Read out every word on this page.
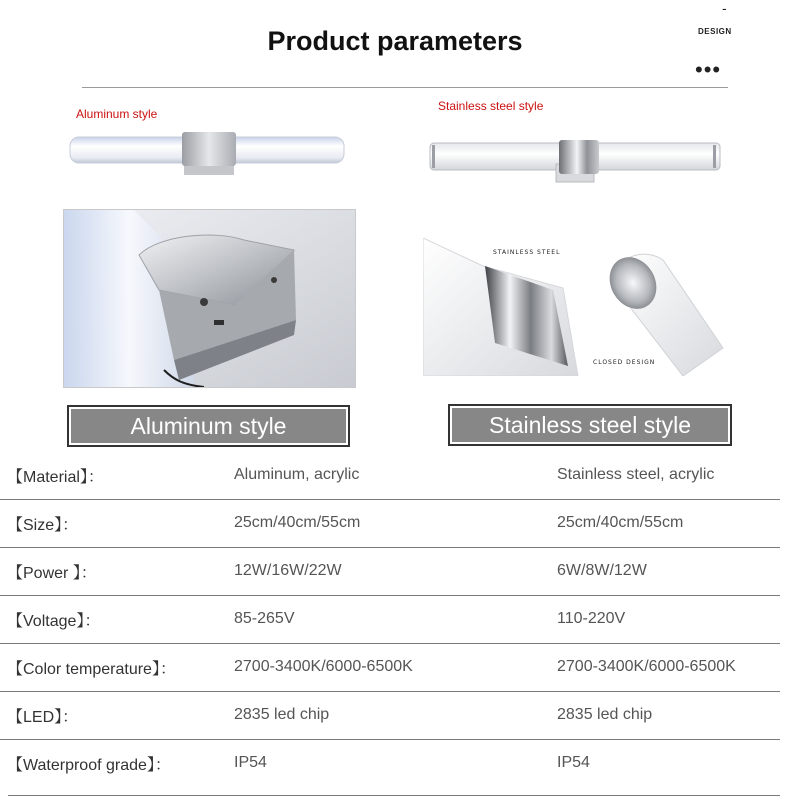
Product parameters
-
DESIGN
•••
Aluminum style
Stainless steel style
STAINLESS STEEL
CLOSED DESIGN
Aluminum style	Stainless steel style
【Material】：	Aluminum, acrylic	Stainless steel, acrylic
【Size】：	25cm/40cm/55cm	25cm/40cm/55cm
【Power 】：	12W/16W/22W	6W/8W/12W
【Voltage】：	85-265V	110-220V
【Color temperature】：	2700-3400K/6000-6500K	2700-3400K/6000-6500K
【LED】：	2835 led chip	2835 led chip
【Waterproof grade】：	IP54	IP54
